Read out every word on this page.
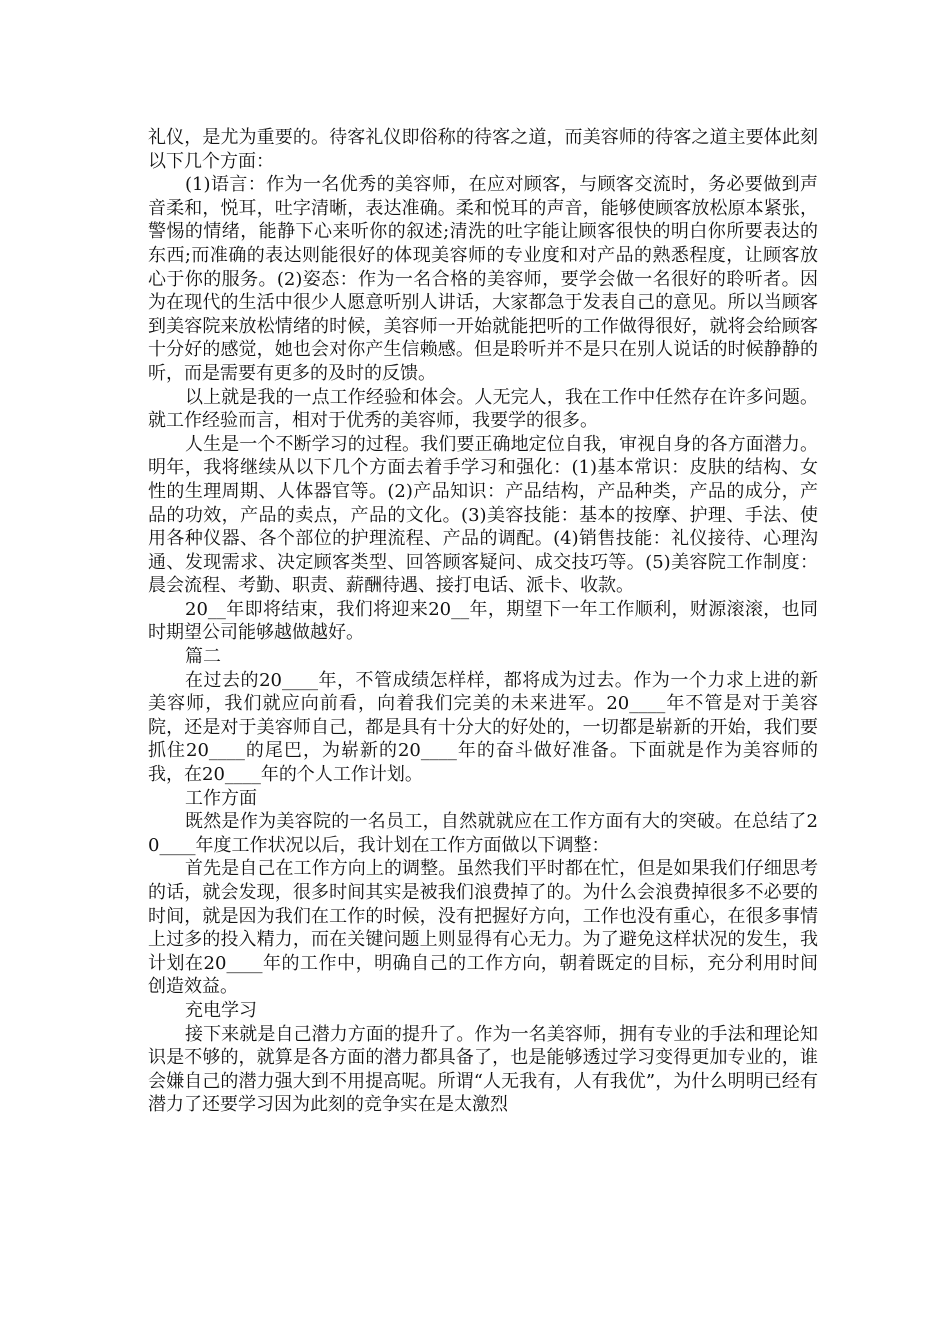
礼仪，是尤为重要的。待客礼仪即俗称的待客之道，而美容师的待客之道主要体此刻以下几个方面：

(1)语言：作为一名优秀的美容师，在应对顾客，与顾客交流时，务必要做到声音柔和，悦耳，吐字清晰，表达准确。柔和悦耳的声音，能够使顾客放松原本紧张，警惕的情绪，能静下心来听你的叙述;清洗的吐字能让顾客很快的明白你所要表达的东西;而准确的表达则能很好的体现美容师的专业度和对产品的熟悉程度，让顾客放心于你的服务。(2)姿态：作为一名合格的美容师，要学会做一名很好的聆听者。因为在现代的生活中很少人愿意听别人讲话，大家都急于发表自己的意见。所以当顾客到美容院来放松情绪的时候，美容师一开始就能把听的工作做得很好，就将会给顾客十分好的感觉，她也会对你产生信赖感。但是聆听并不是只在别人说话的时候静静的听，而是需要有更多的及时的反馈。

以上就是我的一点工作经验和体会。人无完人，我在工作中任然存在许多问题。就工作经验而言，相对于优秀的美容师，我要学的很多。

人生是一个不断学习的过程。我们要正确地定位自我，审视自身的各方面潜力。明年，我将继续从以下几个方面去着手学习和强化：(1)基本常识：皮肤的结构、女性的生理周期、人体器官等。(2)产品知识：产品结构，产品种类，产品的成分，产品的功效，产品的卖点，产品的文化。(3)美容技能：基本的按摩、护理、手法、使用各种仪器、各个部位的护理流程、产品的调配。(4)销售技能：礼仪接待、心理沟通、发现需求、决定顾客类型、回答顾客疑问、成交技巧等。(5)美容院工作制度：晨会流程、考勤、职责、薪酬待遇、接打电话、派卡、收款。

20__年即将结束，我们将迎来20__年，期望下一年工作顺利，财源滚滚，也同时期望公司能够越做越好。

篇二

在过去的20____年，不管成绩怎样样，都将成为过去。作为一个力求上进的新美容师，我们就应向前看，向着我们完美的未来进军。20____年不管是对于美容院，还是对于美容师自己，都是具有十分大的好处的，一切都是崭新的开始，我们要抓住20____的尾巴，为崭新的20____年的奋斗做好准备。下面就是作为美容师的我，在20____年的个人工作计划。

工作方面

既然是作为美容院的一名员工，自然就就应在工作方面有大的突破。在总结了20____年度工作状况以后，我计划在工作方面做以下调整：

首先是自己在工作方向上的调整。虽然我们平时都在忙，但是如果我们仔细思考的话，就会发现，很多时间其实是被我们浪费掉了的。为什么会浪费掉很多不必要的时间，就是因为我们在工作的时候，没有把握好方向，工作也没有重心，在很多事情上过多的投入精力，而在关键问题上则显得有心无力。为了避免这样状况的发生，我计划在20____年的工作中，明确自己的工作方向，朝着既定的目标，充分利用时间创造效益。

充电学习

接下来就是自己潜力方面的提升了。作为一名美容师，拥有专业的手法和理论知识是不够的，就算是各方面的潜力都具备了，也是能够透过学习变得更加专业的，谁会嫌自己的潜力强大到不用提高呢。所谓“人无我有，人有我优”，为什么明明已经有潜力了还要学习因为此刻的竞争实在是太激烈
